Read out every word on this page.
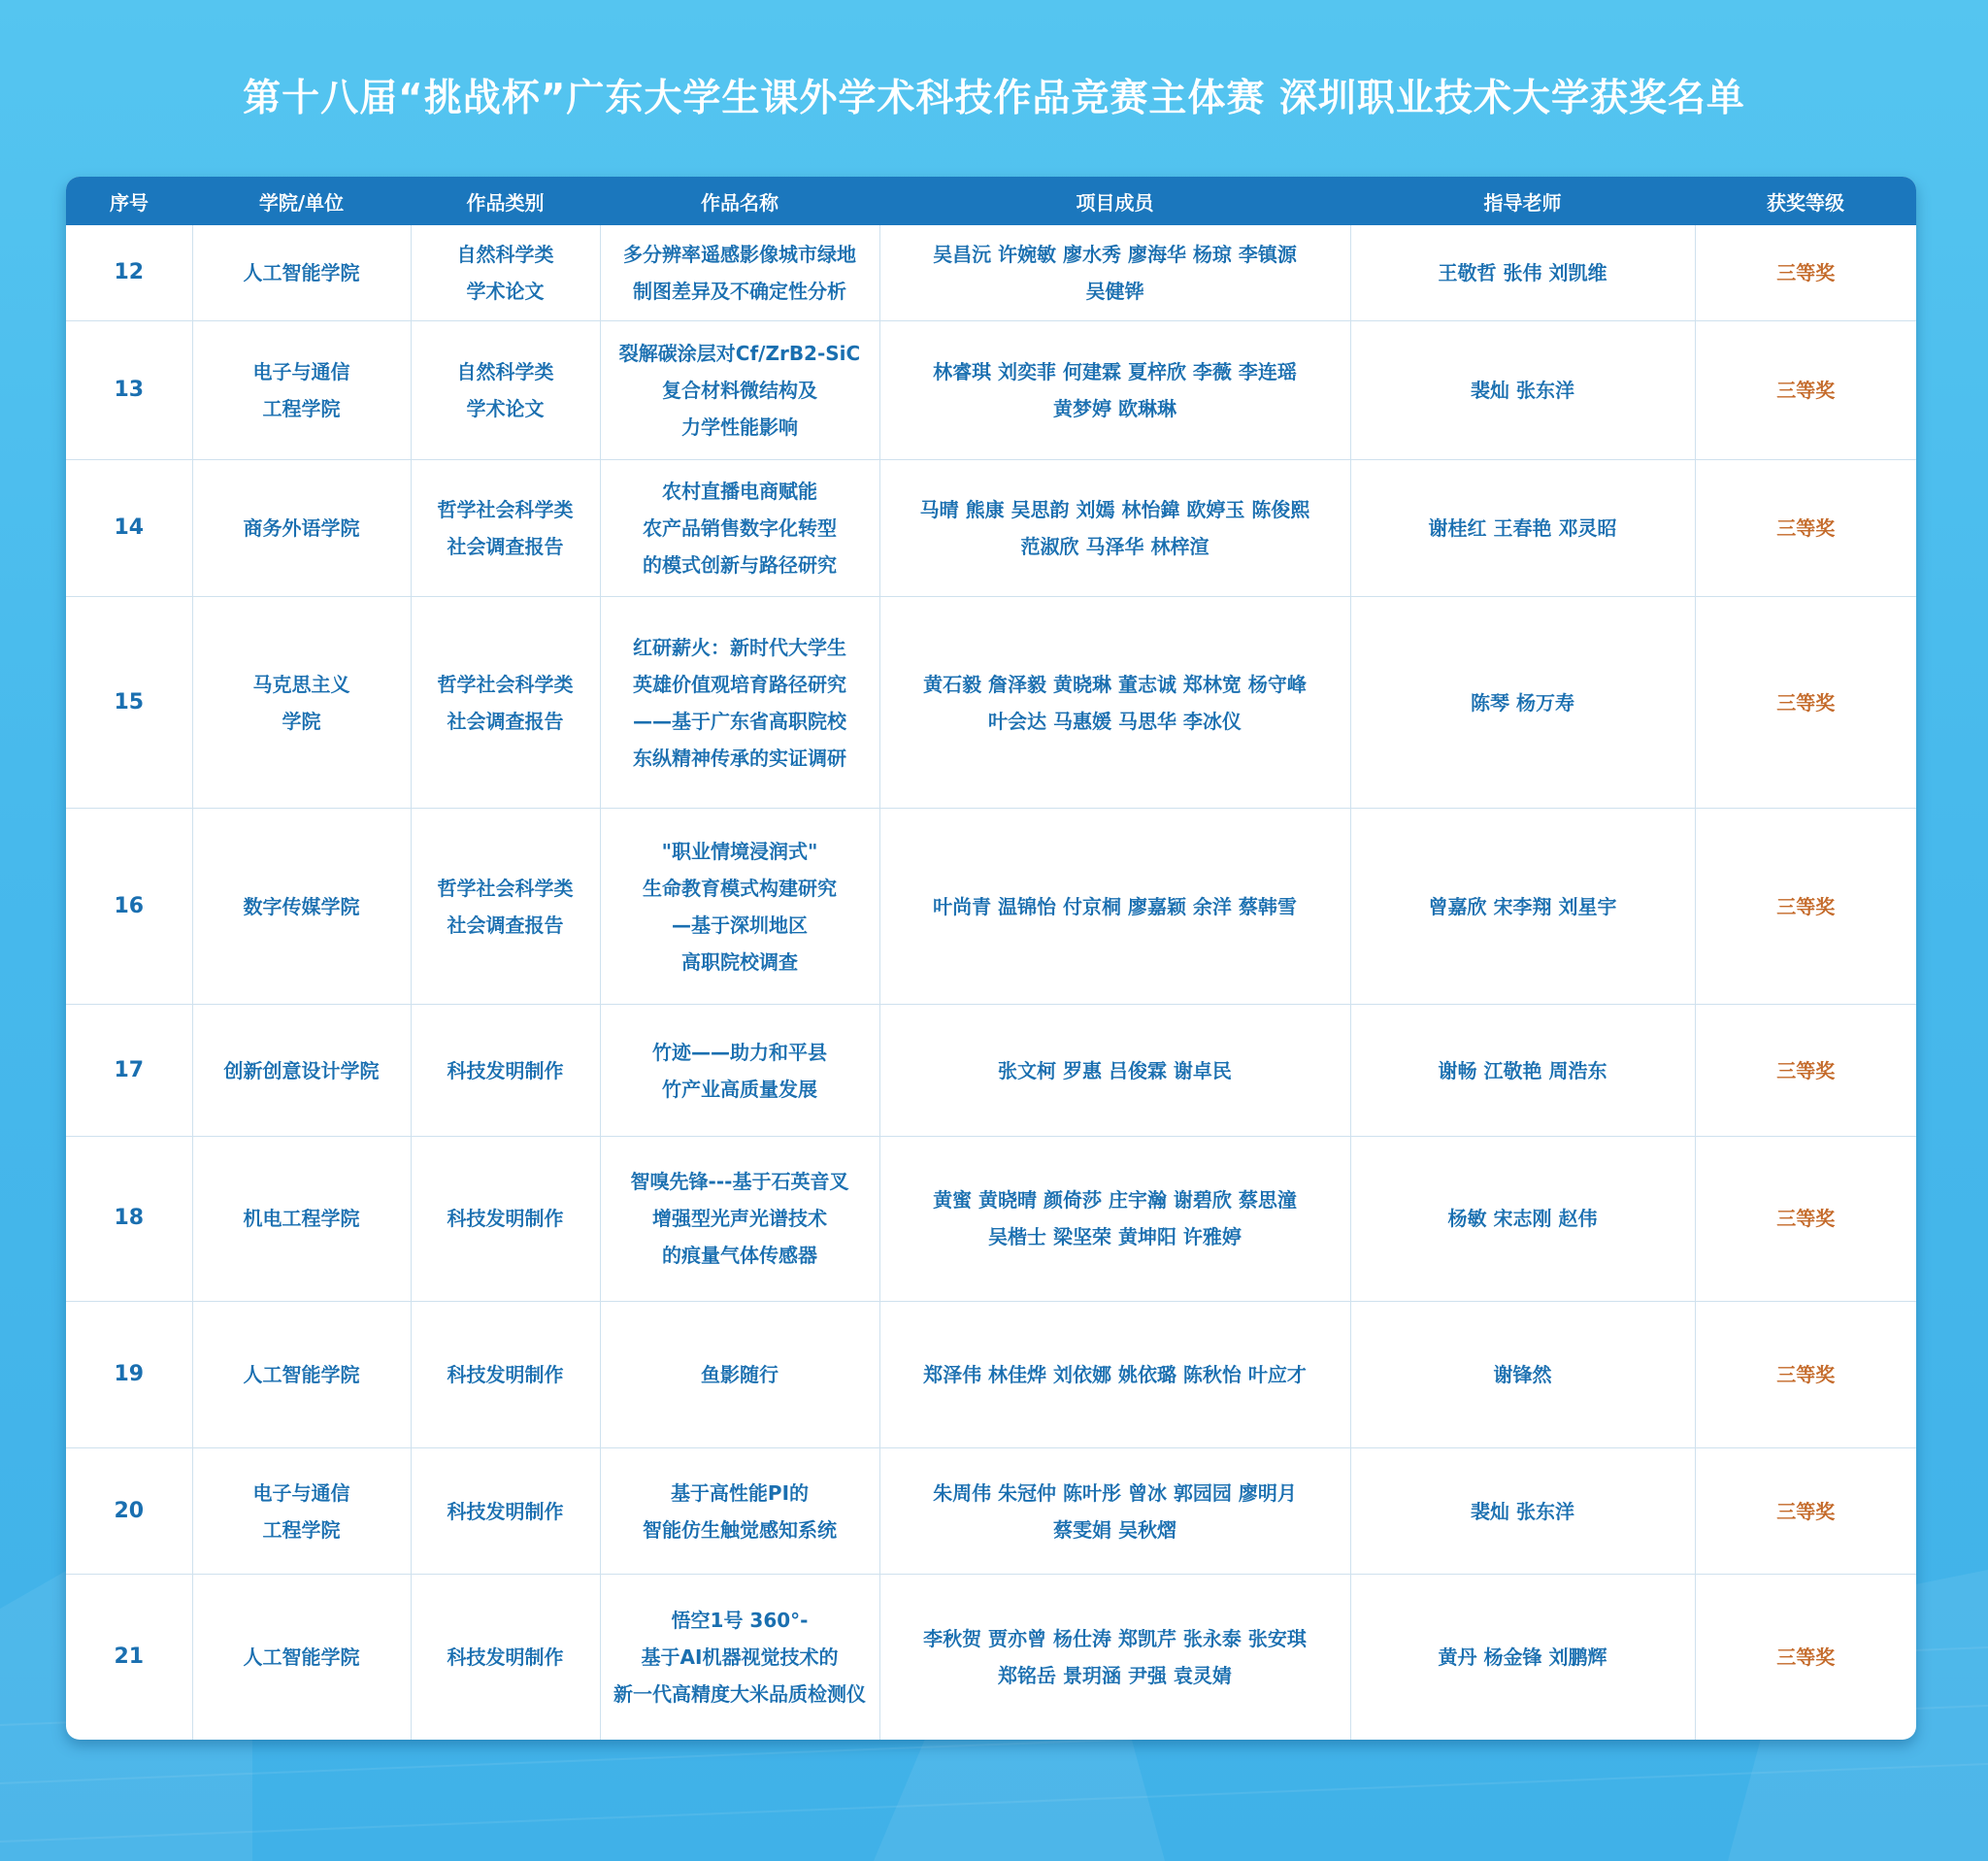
第十八届“挑战杯”广东大学生课外学术科技作品竞赛主体赛 深圳职业技术大学获奖名单
序号	学院/单位	作品类别	作品名称	项目成员	指导老师	获奖等级
12	人工智能学院	自然科学类
学术论文	多分辨率遥感影像城市绿地
制图差异及不确定性分析	吴昌沅 许婉敏 廖水秀 廖海华 杨琼 李镇源
吴健铧	王敬哲 张伟 刘凯维	三等奖
13	电子与通信
工程学院	自然科学类
学术论文	裂解碳涂层对Cf/ZrB2-SiC
复合材料微结构及
力学性能影响	林睿琪 刘奕菲 何建霖 夏梓欣 李薇 李连瑶
黄梦婷 欧琳琳	裴灿 张东洋	三等奖
14	商务外语学院	哲学社会科学类
社会调查报告	农村直播电商赋能
农产品销售数字化转型
的模式创新与路径研究	马晴 熊康 吴思韵 刘嫣 林怡鍏 欧婷玉 陈俊熙
范淑欣 马泽华 林梓渲	谢桂红 王春艳 邓灵昭	三等奖
15	马克思主义
学院	哲学社会科学类
社会调查报告	红研薪火：新时代大学生
英雄价值观培育路径研究
——基于广东省高职院校
东纵精神传承的实证调研	黄石毅 詹泽毅 黄晓琳 董志诚 郑林宽 杨守峰
叶会达 马惠媛 马思华 李冰仪	陈琴 杨万寿	三等奖
16	数字传媒学院	哲学社会科学类
社会调查报告	"职业情境浸润式"
生命教育模式构建研究
—基于深圳地区
高职院校调查	叶尚青 温锦怡 付京桐 廖嘉颖 余洋 蔡韩雪	曾嘉欣 宋李翔 刘星宇	三等奖
17	创新创意设计学院	科技发明制作	竹迹——助力和平县
竹产业高质量发展	张文柯 罗惠 吕俊霖 谢卓民	谢畅 江敬艳 周浩东	三等奖
18	机电工程学院	科技发明制作	智嗅先锋---基于石英音叉
增强型光声光谱技术
的痕量气体传感器	黄蜜 黄晓晴 颜倚莎 庄宇瀚 谢碧欣 蔡思潼
吴楷士 梁坚荣 黄坤阳 许雅婷	杨敏 宋志刚 赵伟	三等奖
19	人工智能学院	科技发明制作	鱼影随行	郑泽伟 林佳烨 刘依娜 姚依璐 陈秋怡 叶应才	谢锋然	三等奖
20	电子与通信
工程学院	科技发明制作	基于高性能PI的
智能仿生触觉感知系统	朱周伟 朱冠仲 陈叶彤 曾冰 郭园园 廖明月
蔡雯娟 吴秋熠	裴灿 张东洋	三等奖
21	人工智能学院	科技发明制作	悟空1号 360°-
基于AI机器视觉技术的
新一代高精度大米品质检测仪	李秋贺 贾亦曾 杨仕涛 郑凯芹 张永泰 张安琪
郑铭岳 景玥涵 尹强 袁灵婧	黄丹 杨金锋 刘鹏辉	三等奖
